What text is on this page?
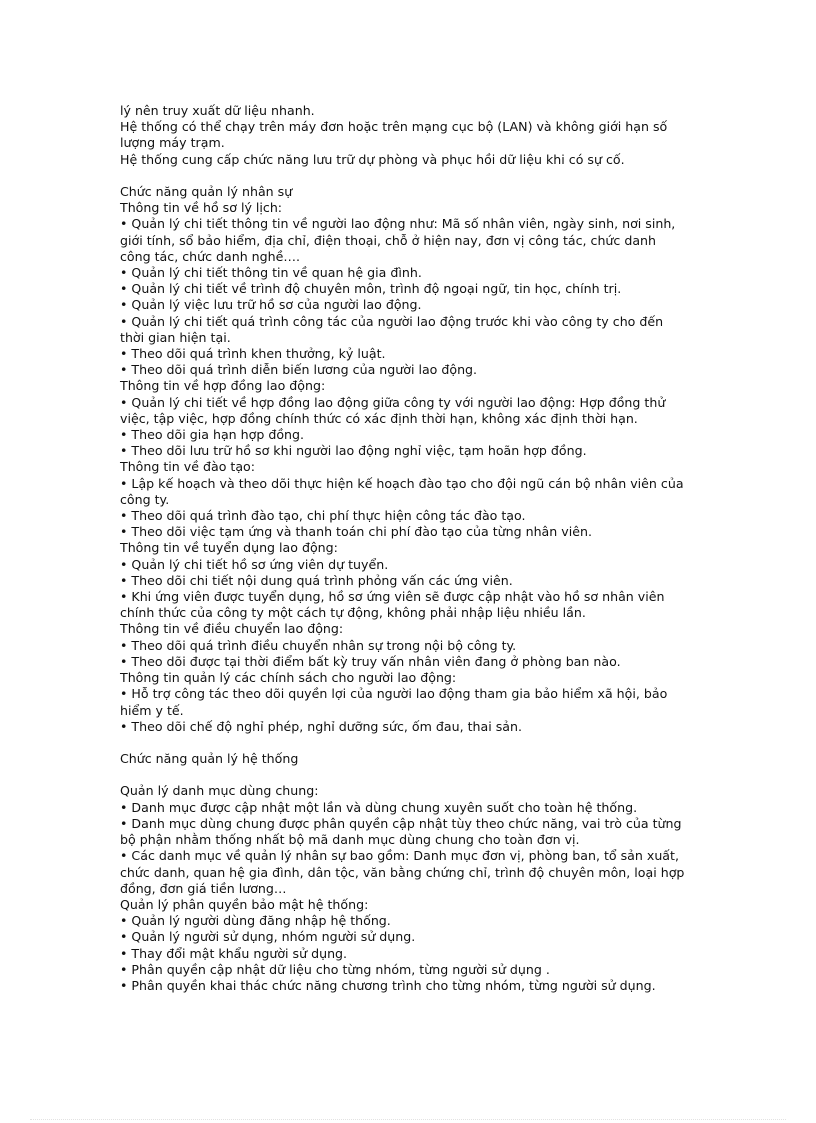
lý nên truy xuất dữ liệu nhanh.

Hệ thống có thể chạy trên máy đơn hoặc trên mạng cục bộ (LAN) và không giới hạn số lượng máy trạm.

Hệ thống cung cấp chức năng lưu trữ dự phòng và phục hồi dữ liệu khi có sự cố.

Chức năng quản lý nhân sự

Thông tin về hồ sơ lý lịch:

• Quản lý chi tiết thông tin về người lao động như: Mã số nhân viên, ngày sinh, nơi sinh, giới tính, sổ bảo hiểm, địa chỉ, điện thoại, chỗ ở hiện nay, đơn vị công tác, chức danh công tác, chức danh nghề….

• Quản lý chi tiết thông tin về quan hệ gia đình.

• Quản lý chi tiết về trình độ chuyên môn, trình độ ngoại ngữ, tin học, chính trị.

• Quản lý việc lưu trữ hồ sơ của người lao động.

• Quản lý chi tiết quá trình công tác của người lao động trước khi vào công ty cho đến thời gian hiện tại.

• Theo dõi quá trình khen thưởng, kỷ luật.

• Theo dõi quá trình diễn biến lương của người lao động.

Thông tin về hợp đồng lao động:

• Quản lý chi tiết về hợp đồng lao động giữa công ty với người lao động: Hợp đồng thử việc, tập việc, hợp đồng chính thức có xác định thời hạn, không xác định thời hạn.

• Theo dõi gia hạn hợp đồng.

• Theo dõi lưu trữ hồ sơ khi người lao động nghỉ việc, tạm hoãn hợp đồng.

Thông tin về đào tạo:

• Lập kế hoạch và theo dõi thực hiện kế hoạch đào tạo cho đội ngũ cán bộ nhân viên của công ty.

• Theo dõi quá trình đào tạo, chi phí thực hiện công tác đào tạo.

• Theo dõi việc tạm ứng và thanh toán chi phí đào tạo của từng nhân viên.

Thông tin về tuyển dụng lao động:

• Quản lý chi tiết hồ sơ ứng viên dự tuyển.

• Theo dõi chi tiết nội dung quá trình phỏng vấn các ứng viên.

• Khi ứng viên được tuyển dụng, hồ sơ ứng viên sẽ được cập nhật vào hồ sơ nhân viên chính thức của công ty một cách tự động, không phải nhập liệu nhiều lần.

Thông tin về điều chuyển lao động:

• Theo dõi quá trình điều chuyển nhân sự trong nội bộ công ty.

• Theo dõi được tại thời điểm bất kỳ truy vấn nhân viên đang ở phòng ban nào.

Thông tin quản lý các chính sách cho người lao động:

• Hỗ trợ công tác theo dõi quyền lợi của người lao động tham gia bảo hiểm xã hội, bảo hiểm y tế.

• Theo dõi chế độ nghỉ phép, nghỉ dưỡng sức, ốm đau, thai sản.

Chức năng quản lý hệ thống

Quản lý danh mục dùng chung:

• Danh mục được cập nhật một lần và dùng chung xuyên suốt cho toàn hệ thống.

• Danh mục dùng chung được phân quyền cập nhật tùy theo chức năng, vai trò của từng bộ phận nhằm thống nhất bộ mã danh mục dùng chung cho toàn đơn vị.

• Các danh mục về quản lý nhân sự bao gồm: Danh mục đơn vị, phòng ban, tổ sản xuất, chức danh, quan hệ gia đình, dân tộc, văn bằng chứng chỉ, trình độ chuyên môn, loại hợp đồng, đơn giá tiền lương…

Quản lý phân quyền bảo mật hệ thống:

• Quản lý người dùng đăng nhập hệ thống.

• Quản lý người sử dụng, nhóm người sử dụng.

• Thay đổi mật khẩu người sử dụng.

• Phân quyền cập nhật dữ liệu cho từng nhóm, từng người sử dụng .

• Phân quyền khai thác chức năng chương trình cho từng nhóm, từng người sử dụng.
